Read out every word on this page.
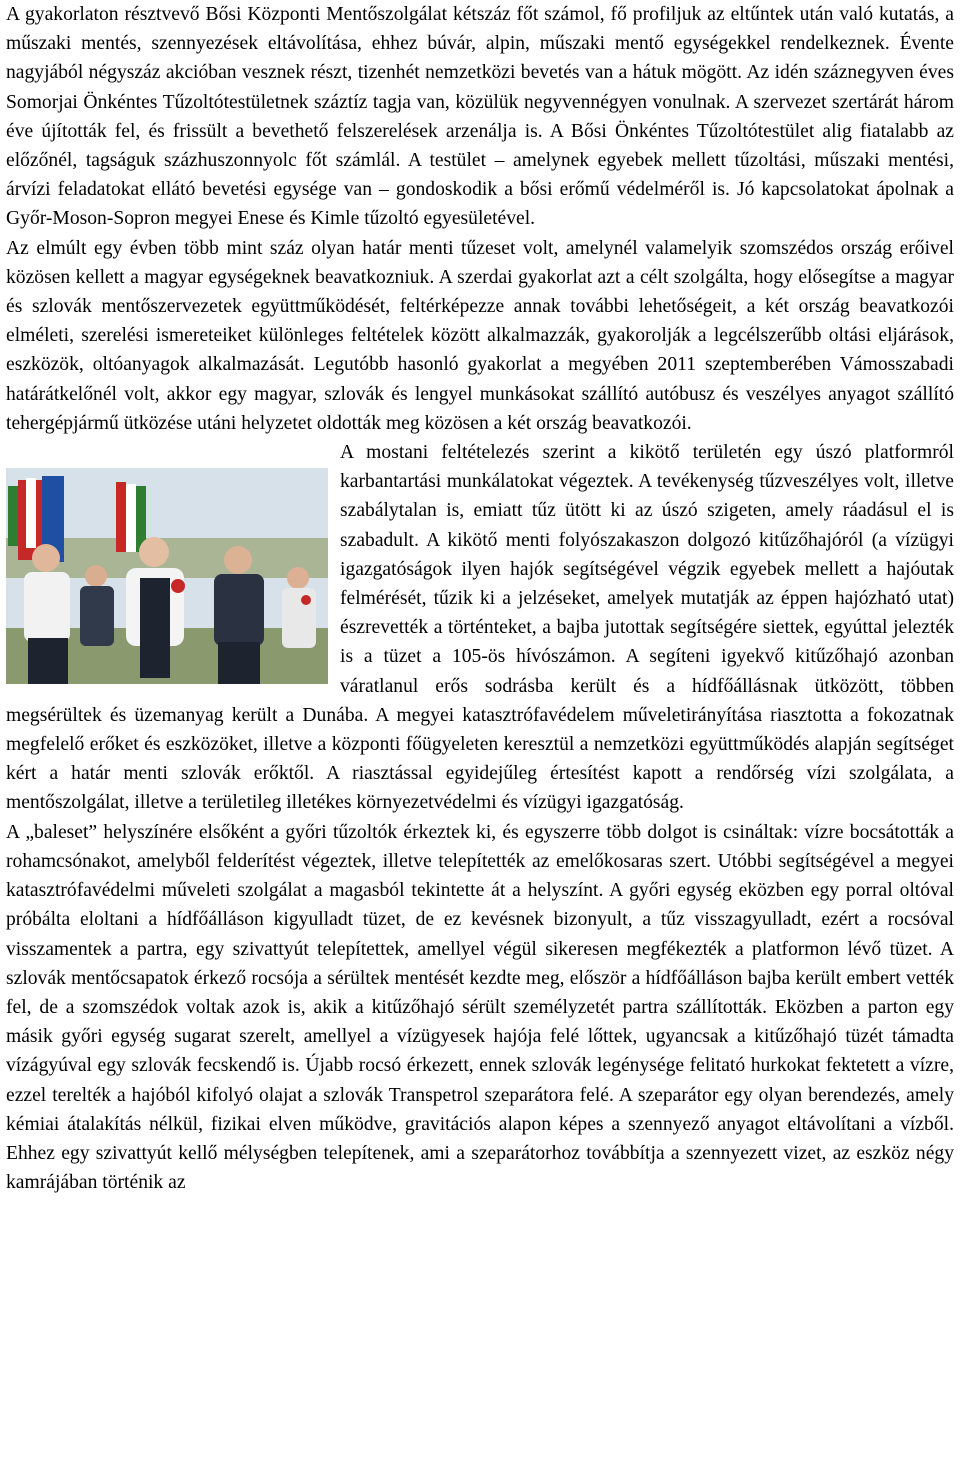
A gyakorlaton résztvevő Bősi Központi Mentőszolgálat kétszáz főt számol, fő profiljuk az eltűntek után való kutatás, a műszaki mentés, szennyezések eltávolítása, ehhez búvár, alpin, műszaki mentő egységekkel rendelkeznek. Évente nagyjából négyszáz akcióban vesznek részt, tizenhét nemzetközi bevetés van a hátuk mögött. Az idén száznegyven éves Somorjai Önkéntes Tűzoltótestületnek száztíz tagja van, közülük negyvennégyen vonulnak. A szervezet szertárát három éve újították fel, és frissült a bevethető felszerelések arzenálja is. A Bősi Önkéntes Tűzoltótestület alig fiatalabb az előzőnél, tagságuk százhuszonnyolc főt számlál. A testület – amelynek egyebek mellett tűzoltási, műszaki mentési, árvízi feladatokat ellátó bevetési egysége van – gondoskodik a bősi erőmű védelméről is. Jó kapcsolatokat ápolnak a Győr-Moson-Sopron megyei Enese és Kimle tűzoltó egyesületével.

Az elmúlt egy évben több mint száz olyan határ menti tűzeset volt, amelynél valamelyik szomszédos ország erőivel közösen kellett a magyar egységeknek beavatkozniuk. A szerdai gyakorlat azt a célt szolgálta, hogy elősegítse a magyar és szlovák mentőszervezetek együttműködését, feltérképezze annak további lehetőségeit, a két ország beavatkozói elméleti, szerelési ismereteiket különleges feltételek között alkalmazzák, gyakorolják a legcélszerűbb oltási eljárások, eszközök, oltóanyagok alkalmazását. Legutóbb hasonló gyakorlat a megyében 2011 szeptemberében Vámosszabadi határátkelőnél volt, akkor egy magyar, szlovák és lengyel munkásokat szállító autóbusz és veszélyes anyagot szállító tehergépjármű ütközése utáni helyzetet oldották meg közösen a két ország beavatkozói.

A mostani feltételezés szerint a kikötő területén egy úszó platformról karbantartási munkálatokat végeztek. A tevékenység tűzveszélyes volt, illetve szabálytalan is, emiatt tűz ütött ki az úszó szigeten, amely ráadásul el is szabadult. A kikötő menti folyószakaszon dolgozó kitűzőhajóról (a vízügyi igazgatóságok ilyen hajók segítségével végzik egyebek mellett a hajóutak felmérését, tűzik ki a jelzéseket, amelyek mutatják az éppen hajózható utat) észrevették a történteket, a bajba jutottak segítségére siettek, egyúttal jelezték is a tüzet a 105-ös hívószámon. A segíteni igyekvő kitűzőhajó azonban váratlanul erős sodrásba került és a hídfőállásnak ütközött, többen megsérültek és üzemanyag került a Dunába. A megyei katasztrófavédelem műveletirányítása riasztotta a fokozatnak megfelelő erőket és eszközöket, illetve a központi főügyeleten keresztül a nemzetközi együttműködés alapján segítséget kért a határ menti szlovák erőktől. A riasztással egyidejűleg értesítést kapott a rendőrség vízi szolgálata, a mentőszolgálat, illetve a területileg illetékes környezetvédelmi és vízügyi igazgatóság.

A „baleset” helyszínére elsőként a győri tűzoltók érkeztek ki, és egyszerre több dolgot is csináltak: vízre bocsátották a rohamcsónakot, amelyből felderítést végeztek, illetve telepítették az emelőkosaras szert. Utóbbi segítségével a megyei katasztrófavédelmi műveleti szolgálat a magasból tekintette át a helyszínt. A győri egység eközben egy porral oltóval próbálta eloltani a hídfőálláson kigyulladt tüzet, de ez kevésnek bizonyult, a tűz visszagyulladt, ezért a rocsóval visszamentek a partra, egy szivattyút telepítettek, amellyel végül sikeresen megfékezték a platformon lévő tüzet. A szlovák mentőcsapatok érkező rocsója a sérültek mentését kezdte meg, először a hídfőálláson bajba került embert vették fel, de a szomszédok voltak azok is, akik a kitűzőhajó sérült személyzetét partra szállították. Eközben a parton egy másik győri egység sugarat szerelt, amellyel a vízügyesek hajója felé lőttek, ugyancsak a kitűzőhajó tüzét támadta vízágyúval egy szlovák fecskendő is. Újabb rocsó érkezett, ennek szlovák legénysége felitató hurkokat fektetett a vízre, ezzel terelték a hajóból kifolyó olajat a szlovák Transpetrol szeparátora felé. A szeparátor egy olyan berendezés, amely kémiai átalakítás nélkül, fizikai elven működve, gravitációs alapon képes a szennyező anyagot eltávolítani a vízből. Ehhez egy szivattyút kellő mélységben telepítenek, ami a szeparátorhoz továbbítja a szennyezett vizet, az eszköz négy kamrájában történik az
